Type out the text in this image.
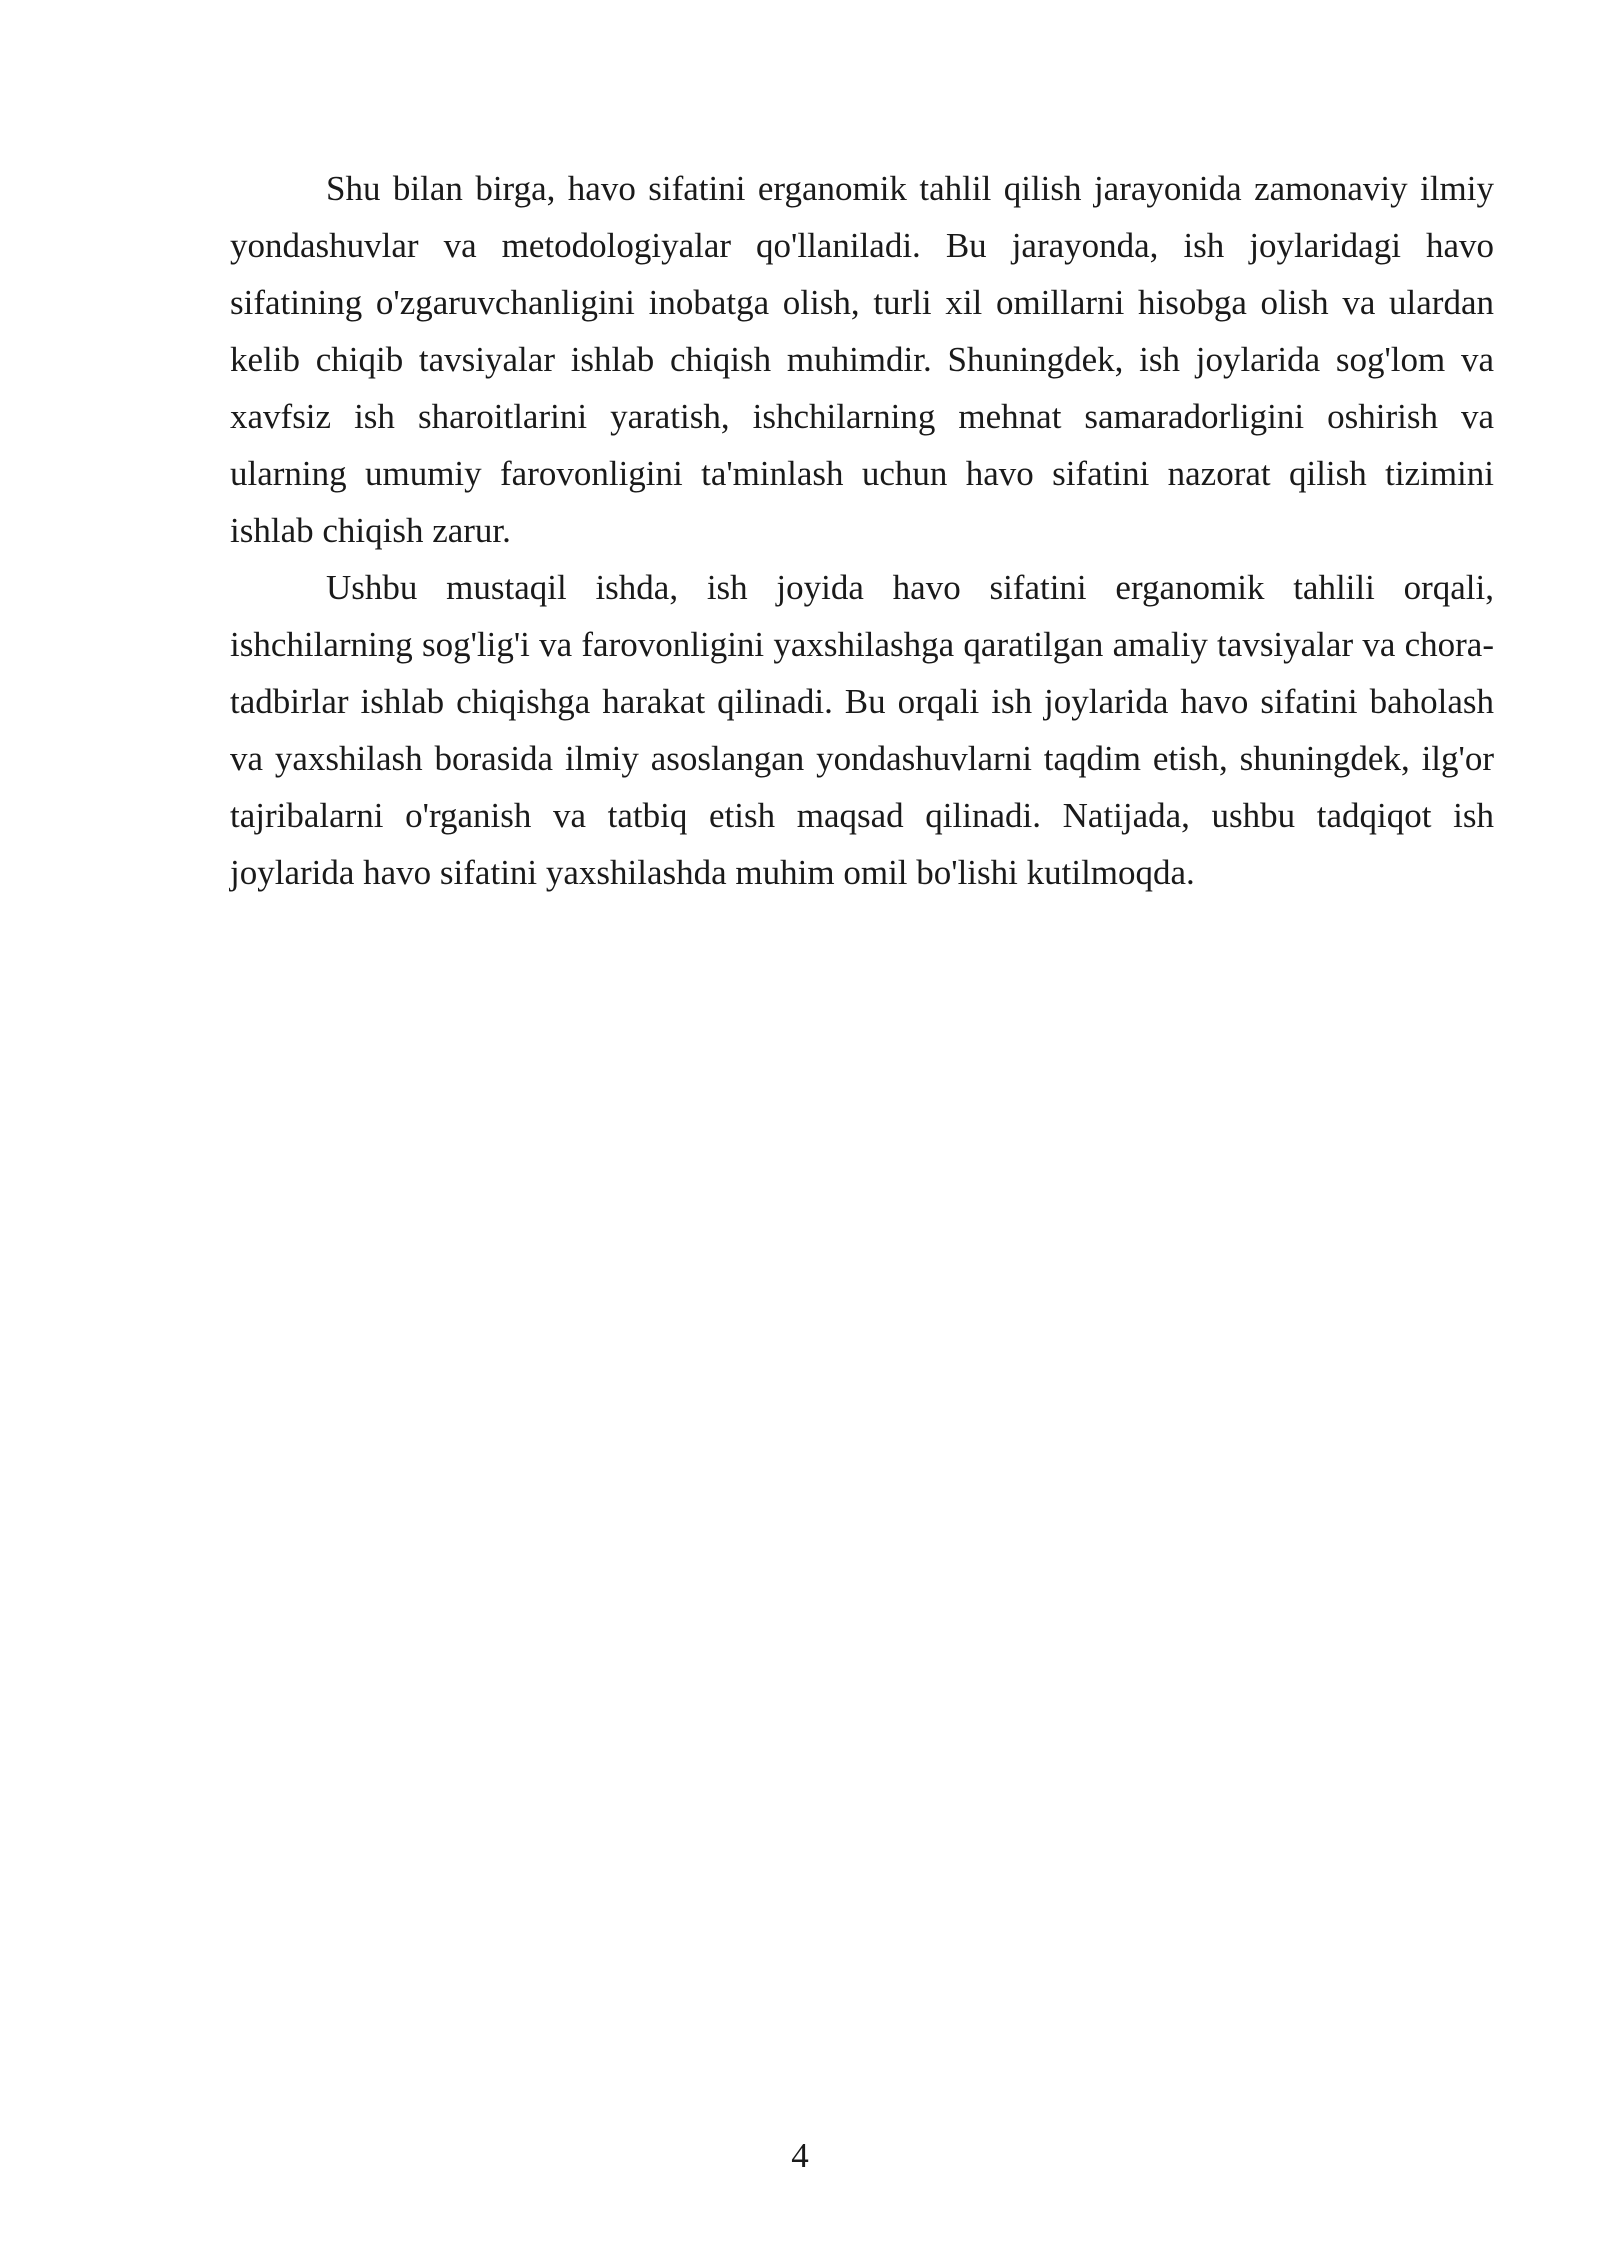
Shu bilan birga, havo sifatini erganomik tahlil qilish jarayonida zamonaviy ilmiy yondashuvlar va metodologiyalar qo'llaniladi. Bu jarayonda, ish joylaridagi havo sifatining o'zgaruvchanligini inobatga olish, turli xil omillarni hisobga olish va ulardan kelib chiqib tavsiyalar ishlab chiqish muhimdir. Shuningdek, ish joylarida sog'lom va xavfsiz ish sharoitlarini yaratish, ishchilarning mehnat samaradorligini oshirish va ularning umumiy farovonligini ta'minlash uchun havo sifatini nazorat qilish tizimini ishlab chiqish zarur.

Ushbu mustaqil ishda, ish joyida havo sifatini erganomik tahlili orqali, ishchilarning sog'lig'i va farovonligini yaxshilashga qaratilgan amaliy tavsiyalar va chora-tadbirlar ishlab chiqishga harakat qilinadi. Bu orqali ish joylarida havo sifatini baholash va yaxshilash borasida ilmiy asoslangan yondashuvlarni taqdim etish, shuningdek, ilg'or tajribalarni o'rganish va tatbiq etish maqsad qilinadi. Natijada, ushbu tadqiqot ish joylarida havo sifatini yaxshilashda muhim omil bo'lishi kutilmoqda.

4
